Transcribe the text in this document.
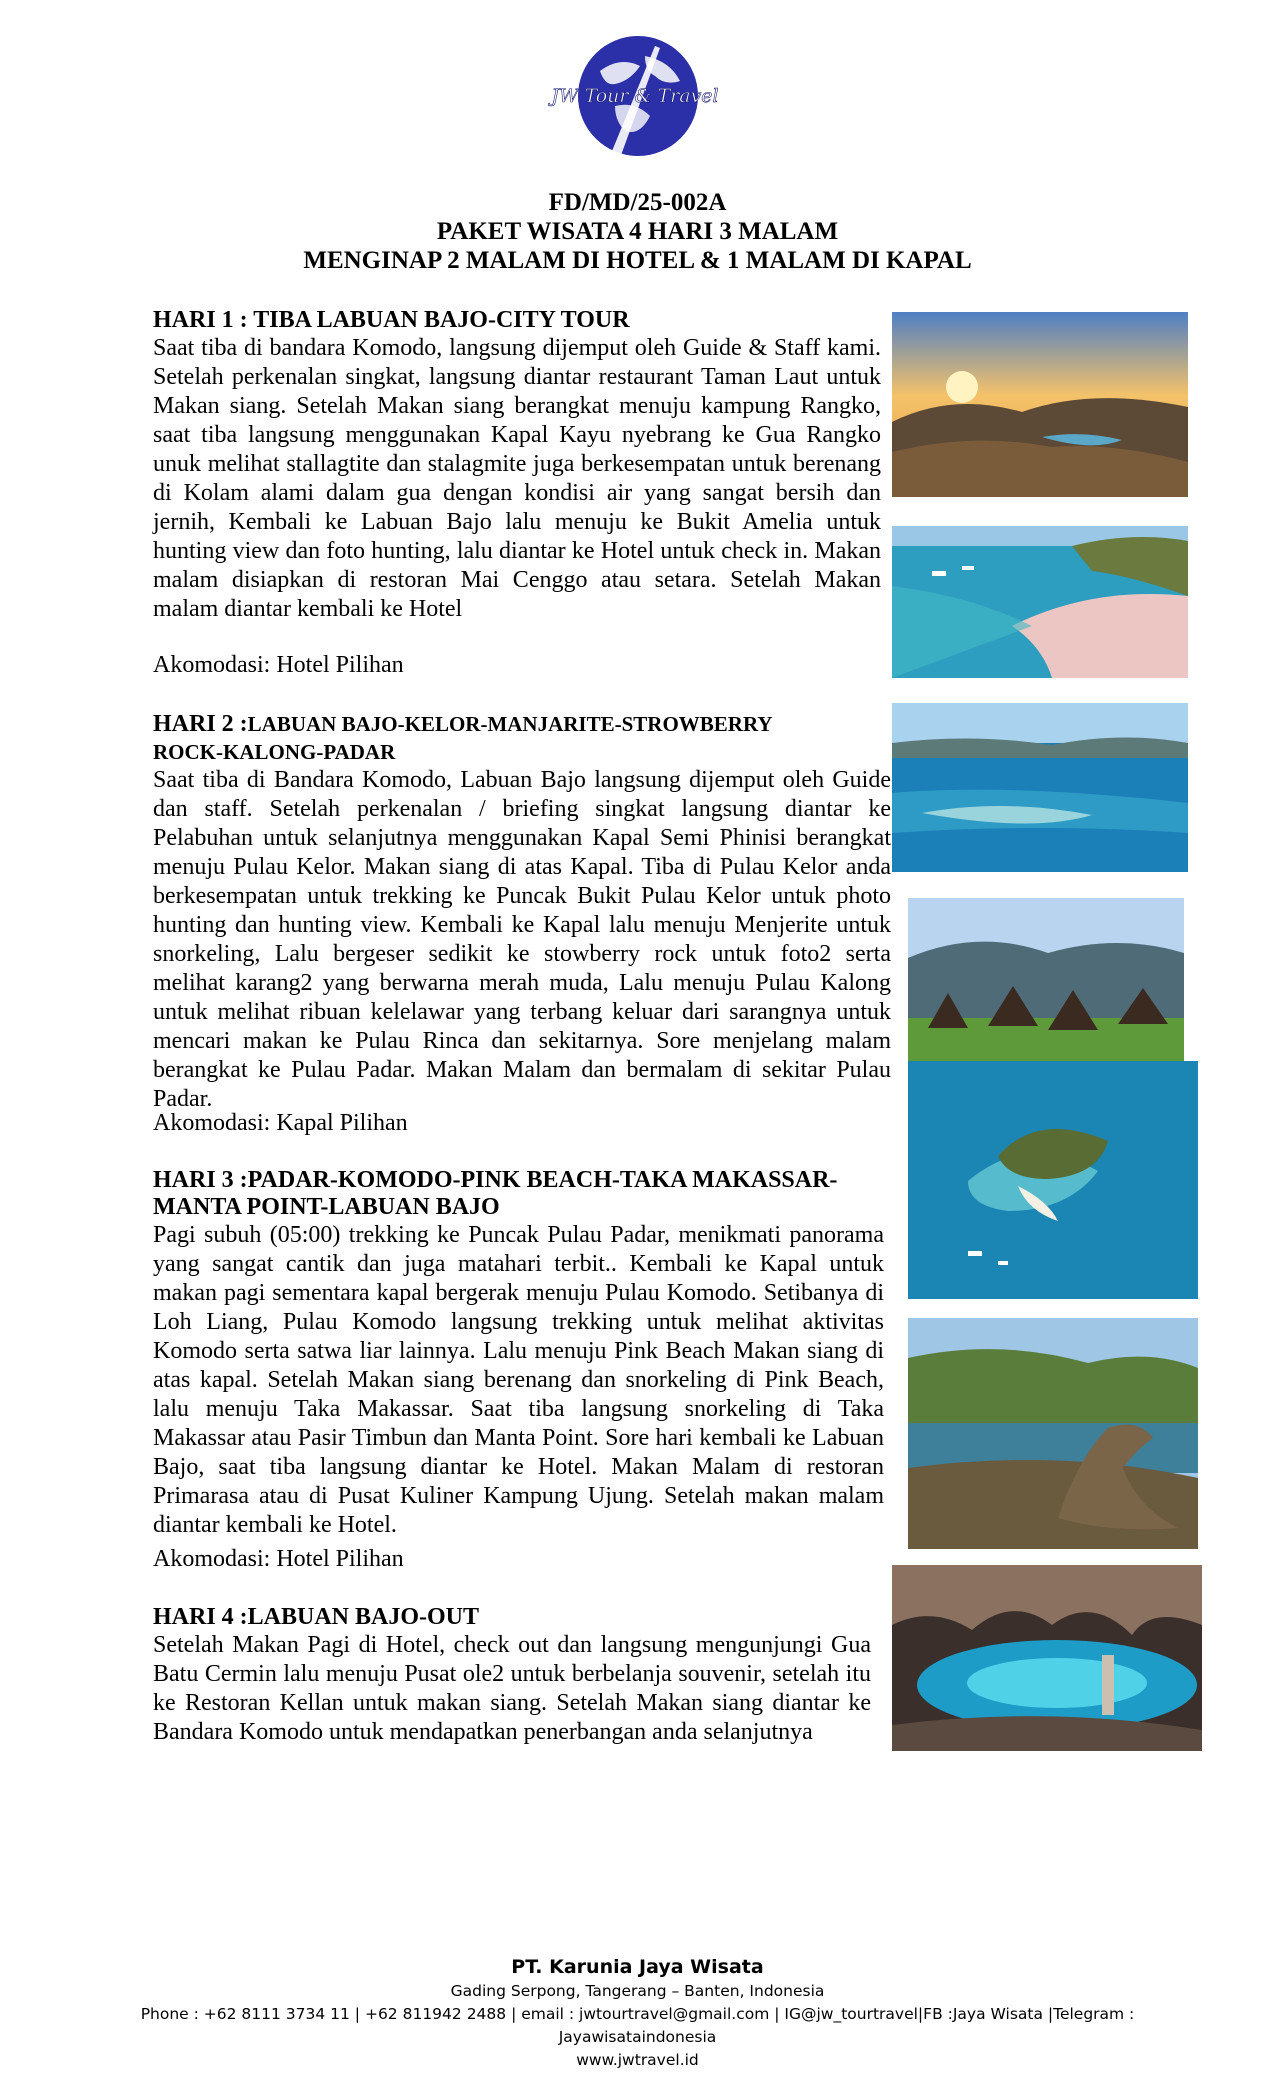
JW Tour & Travel
FD/MD/25-002A
PAKET WISATA 4 HARI 3 MALAM
MENGINAP 2 MALAM DI HOTEL & 1 MALAM DI KAPAL

HARI 1 : TIBA LABUAN BAJO-CITY TOUR

Saat tiba di bandara Komodo, langsung dijemput oleh Guide & Staff kami. Setelah perkenalan singkat, langsung diantar restaurant Taman Laut untuk Makan siang. Setelah Makan siang berangkat menuju kampung Rangko, saat tiba langsung menggunakan Kapal Kayu nyebrang ke Gua Rangko unuk melihat stallagtite dan stalagmite juga berkesempatan untuk berenang di Kolam alami dalam gua dengan kondisi air yang sangat bersih dan jernih, Kembali ke Labuan Bajo lalu menuju ke Bukit Amelia untuk hunting view dan foto hunting, lalu diantar ke Hotel untuk check in. Makan malam disiapkan di restoran Mai Cenggo atau setara. Setelah Makan malam diantar kembali ke Hotel

Akomodasi: Hotel Pilihan

HARI 2 :LABUAN BAJO-KELOR-MANJARITE-STROWBERRY

ROCK-KALONG-PADAR

Saat tiba di Bandara Komodo, Labuan Bajo langsung dijemput oleh Guide dan staff. Setelah perkenalan / briefing singkat langsung diantar ke Pelabuhan untuk selanjutnya menggunakan Kapal Semi Phinisi berangkat menuju Pulau Kelor. Makan siang di atas Kapal. Tiba di Pulau Kelor anda berkesempatan untuk trekking ke Puncak Bukit Pulau Kelor untuk photo hunting dan hunting view. Kembali ke Kapal lalu menuju Menjerite untuk snorkeling, Lalu bergeser sedikit ke stowberry rock untuk foto2 serta melihat karang2 yang berwarna merah muda, Lalu menuju Pulau Kalong untuk melihat ribuan kelelawar yang terbang keluar dari sarangnya untuk mencari makan ke Pulau Rinca dan sekitarnya. Sore menjelang malam berangkat ke Pulau Padar. Makan Malam dan bermalam di sekitar Pulau Padar.

Akomodasi: Kapal Pilihan

HARI 3 :PADAR-KOMODO-PINK BEACH-TAKA MAKASSAR-

MANTA POINT-LABUAN BAJO

Pagi subuh (05:00) trekking ke Puncak Pulau Padar, menikmati panorama yang sangat cantik dan juga matahari terbit.. Kembali ke Kapal untuk makan pagi sementara kapal bergerak menuju Pulau Komodo. Setibanya di Loh Liang, Pulau Komodo langsung trekking untuk melihat aktivitas Komodo serta satwa liar lainnya. Lalu menuju Pink Beach Makan siang di atas kapal. Setelah Makan siang berenang dan snorkeling di Pink Beach, lalu menuju Taka Makassar. Saat tiba langsung snorkeling di Taka Makassar atau Pasir Timbun dan Manta Point. Sore hari kembali ke Labuan Bajo, saat tiba langsung diantar ke Hotel. Makan Malam di restoran Primarasa atau di Pusat Kuliner Kampung Ujung. Setelah makan malam diantar kembali ke Hotel.

Akomodasi: Hotel Pilihan

HARI 4 :LABUAN BAJO-OUT

Setelah Makan Pagi di Hotel, check out dan langsung mengunjungi Gua Batu Cermin lalu menuju Pusat ole2 untuk berbelanja souvenir, setelah itu ke Restoran Kellan untuk makan siang. Setelah Makan siang diantar ke Bandara Komodo untuk mendapatkan penerbangan anda selanjutnya

PT. Karunia Jaya Wisata
Gading Serpong, Tangerang – Banten, Indonesia
Phone : +62 8111 3734 11 | +62 811942 2488 | email : jwtourtravel@gmail.com | IG@jw_tourtravel|FB :Jaya Wisata |Telegram :
Jayawisataindonesia
www.jwtravel.id
